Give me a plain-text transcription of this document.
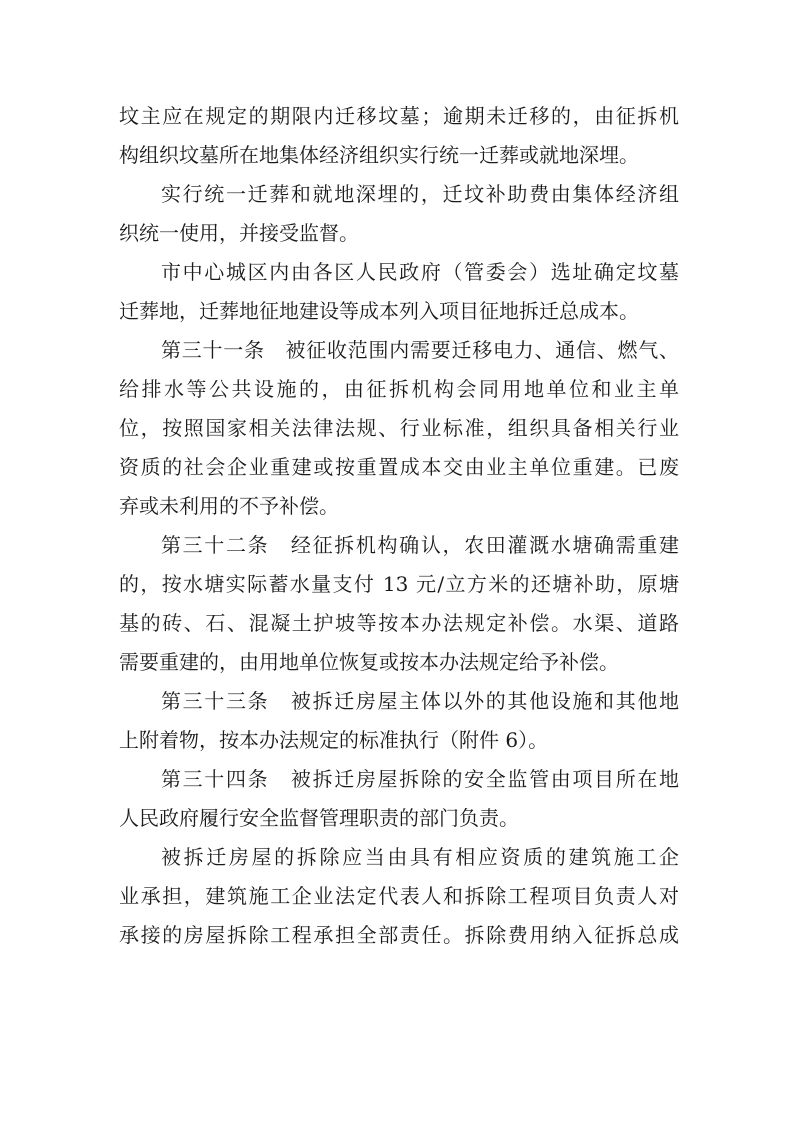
坟主应在规定的期限内迁移坟墓；逾期未迁移的，由征拆机
构组织坟墓所在地集体经济组织实行统一迁葬或就地深埋。
实行统一迁葬和就地深埋的，迁坟补助费由集体经济组
织统一使用，并接受监督。
市中心城区内由各区人民政府（管委会）选址确定坟墓
迁葬地，迁葬地征地建设等成本列入项目征地拆迁总成本。
第三十一条　被征收范围内需要迁移电力、通信、燃气、
给排水等公共设施的，由征拆机构会同用地单位和业主单
位，按照国家相关法律法规、行业标准，组织具备相关行业
资质的社会企业重建或按重置成本交由业主单位重建。已废
弃或未利用的不予补偿。
第三十二条　经征拆机构确认，农田灌溉水塘确需重建
的，按水塘实际蓄水量支付 13 元/立方米的还塘补助，原塘
基的砖、石、混凝土护坡等按本办法规定补偿。水渠、道路
需要重建的，由用地单位恢复或按本办法规定给予补偿。
第三十三条　被拆迁房屋主体以外的其他设施和其他地
上附着物，按本办法规定的标准执行（附件 6）。
第三十四条　被拆迁房屋拆除的安全监管由项目所在地
人民政府履行安全监督管理职责的部门负责。
被拆迁房屋的拆除应当由具有相应资质的建筑施工企
业承担，建筑施工企业法定代表人和拆除工程项目负责人对
承接的房屋拆除工程承担全部责任。拆除费用纳入征拆总成
